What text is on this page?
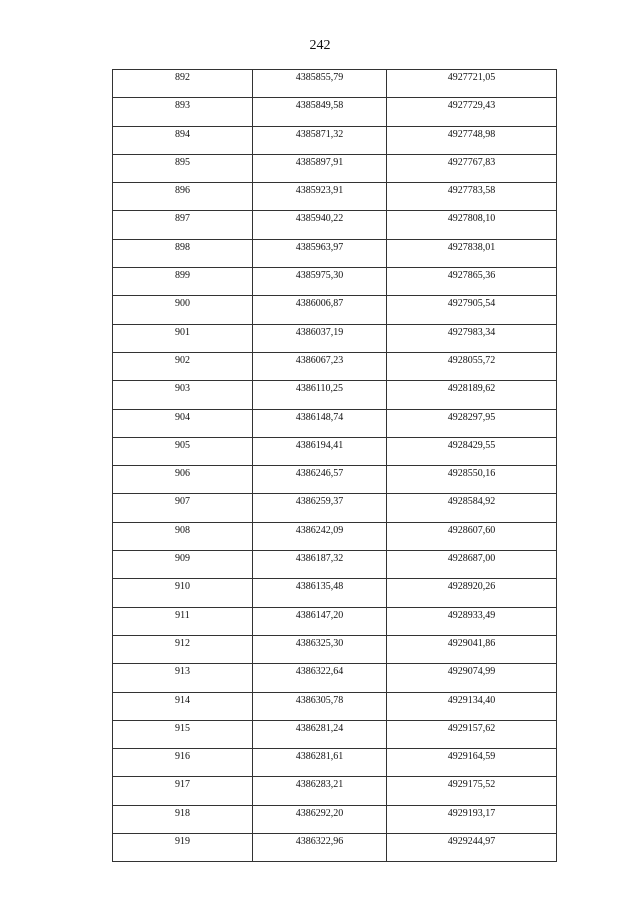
242
892	4385855,79	4927721,05
893	4385849,58	4927729,43
894	4385871,32	4927748,98
895	4385897,91	4927767,83
896	4385923,91	4927783,58
897	4385940,22	4927808,10
898	4385963,97	4927838,01
899	4385975,30	4927865,36
900	4386006,87	4927905,54
901	4386037,19	4927983,34
902	4386067,23	4928055,72
903	4386110,25	4928189,62
904	4386148,74	4928297,95
905	4386194,41	4928429,55
906	4386246,57	4928550,16
907	4386259,37	4928584,92
908	4386242,09	4928607,60
909	4386187,32	4928687,00
910	4386135,48	4928920,26
911	4386147,20	4928933,49
912	4386325,30	4929041,86
913	4386322,64	4929074,99
914	4386305,78	4929134,40
915	4386281,24	4929157,62
916	4386281,61	4929164,59
917	4386283,21	4929175,52
918	4386292,20	4929193,17
919	4386322,96	4929244,97
